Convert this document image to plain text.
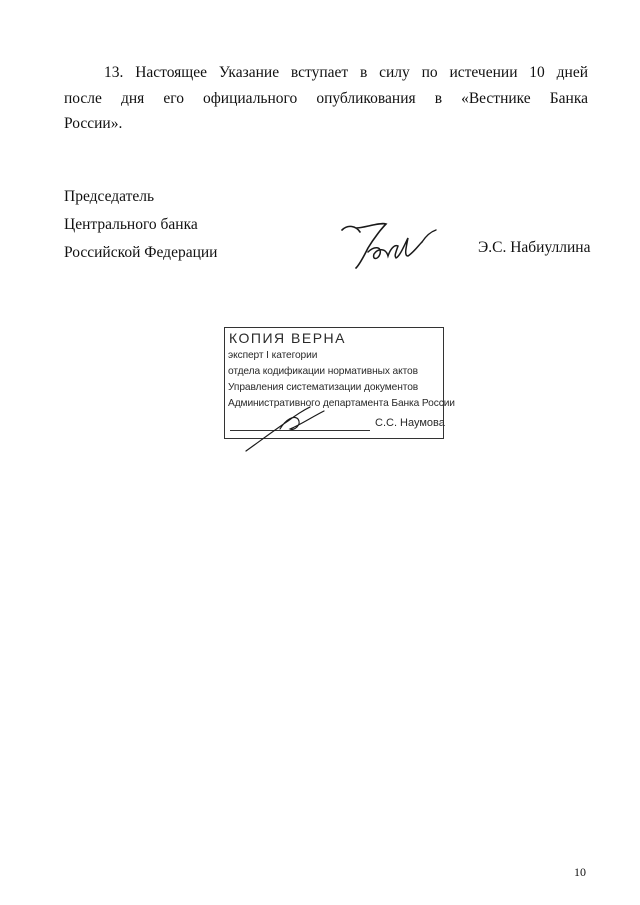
13. Настоящее Указание вступает в силу по истечении 10 дней
после дня его официального опубликования в «Вестнике Банка
России».
Председатель
Центрального банка
Российской Федерации	Э.С. Набиуллина
КОПИЯ ВЕРНА
эксперт I категории
отдела кодификации нормативных актов
Управления систематизации документов
Административного департамента Банка России
С.С. Наумова
10
